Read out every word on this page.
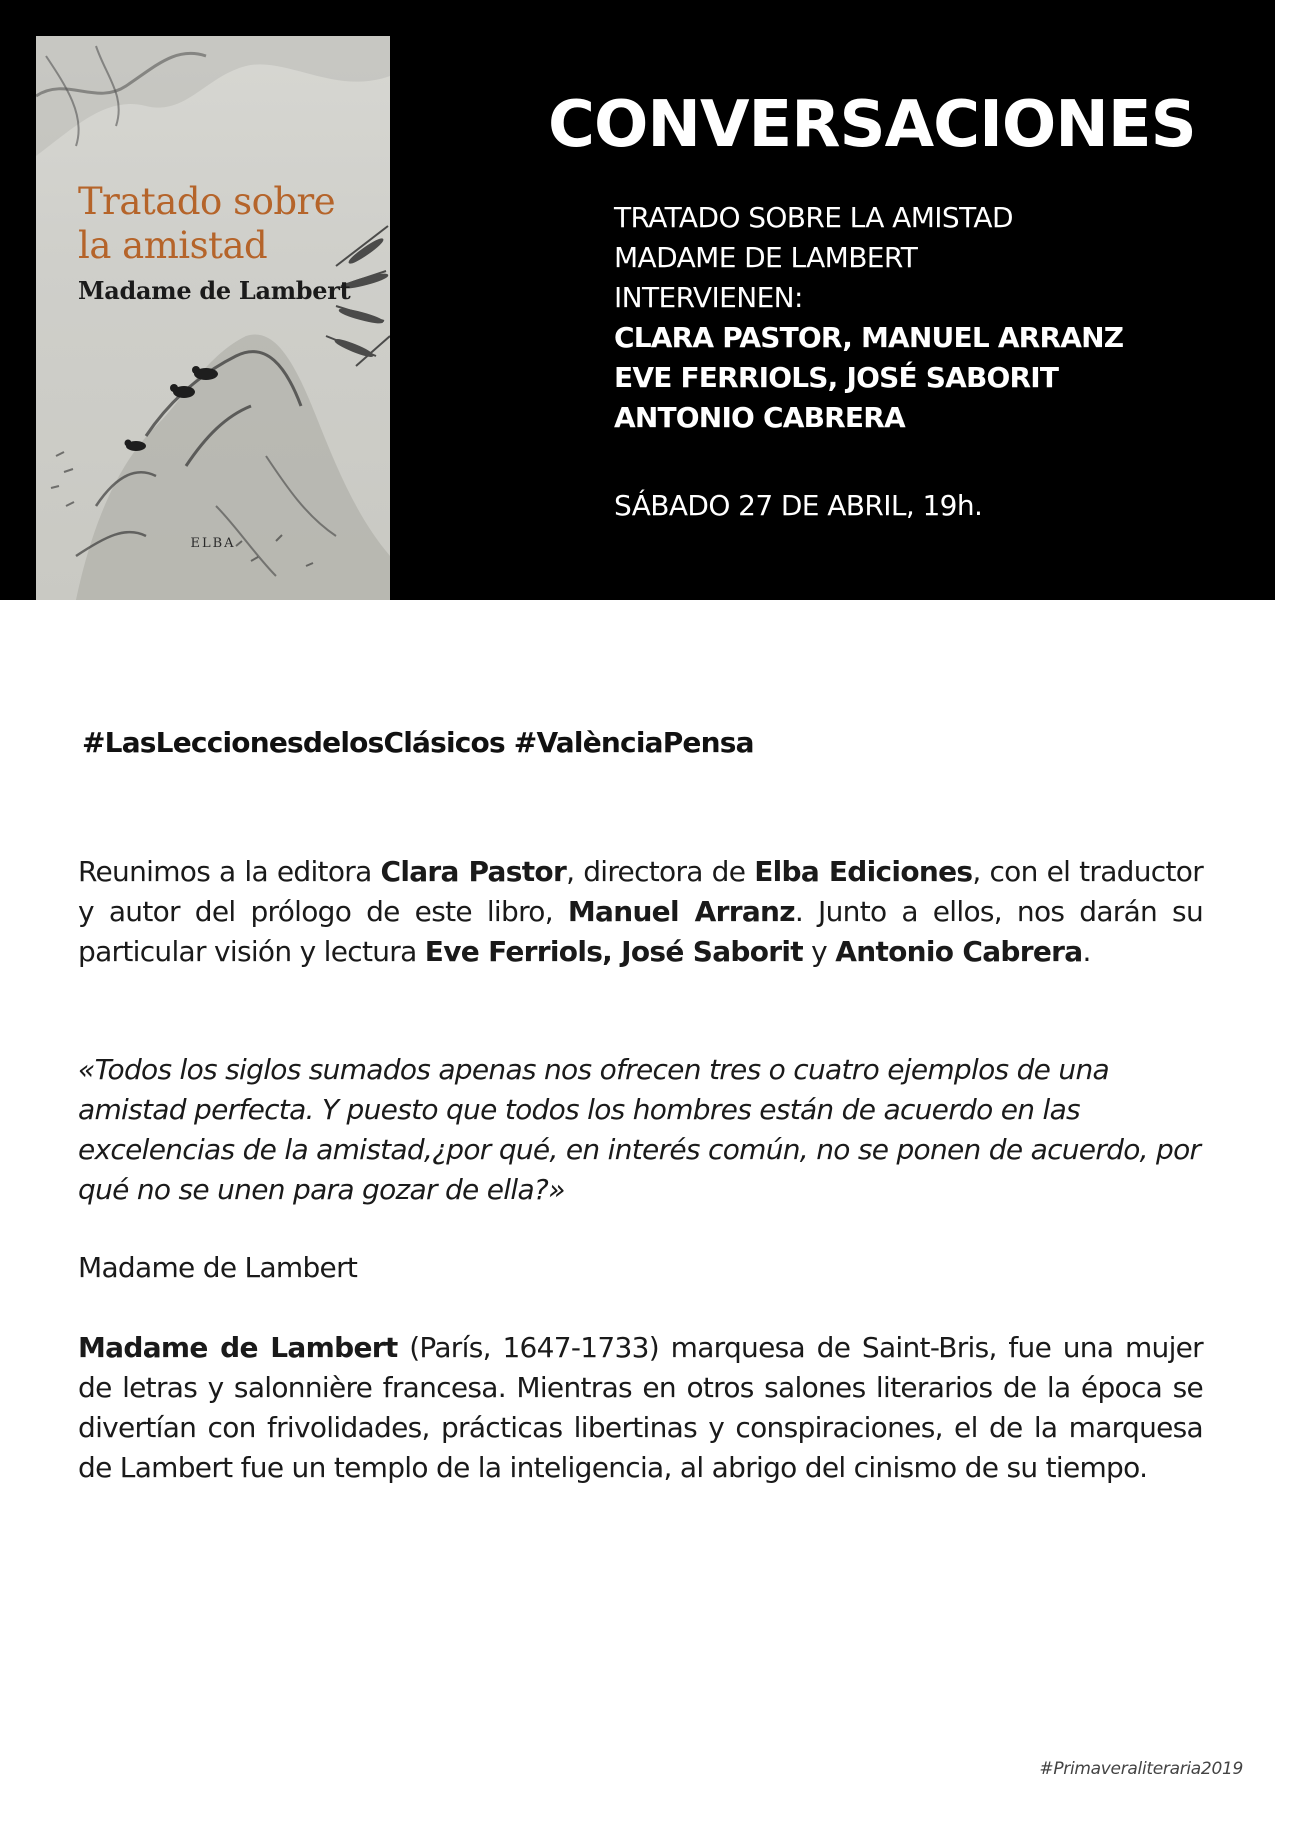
Tratado sobre
la amistad
Madame de Lambert
ELBA
CONVERSACIONES
TRATADO SOBRE LA AMISTAD
MADAME DE LAMBERT
INTERVIENEN:
CLARA PASTOR, MANUEL ARRANZ
EVE FERRIOLS, JOSÉ SABORIT
ANTONIO CABRERA
SÁBADO 27 DE ABRIL, 19h.
#LasLeccionesdelosClásicos #ValènciaPensa

Reunimos a la editora Clara Pastor, directora de Elba Ediciones, con el traductor y autor del prólogo de este libro, Manuel Arranz. Junto a ellos, nos darán su particular visión y lectura Eve Ferriols, José Saborit y Antonio Cabrera.

«Todos los siglos sumados apenas nos ofrecen tres o cuatro ejemplos de una amistad perfecta. Y puesto que todos los hombres están de acuerdo en las excelencias de la amistad,¿por qué, en interés común, no se ponen de acuerdo, por qué no se unen para gozar de ella?»

Madame de Lambert

Madame de Lambert (París, 1647-1733) marquesa de Saint-Bris, fue una mujer de letras y salonnière francesa. Mientras en otros salones literarios de la época se divertían con frivolidades, prácticas libertinas y conspiraciones, el de la marquesa de Lambert fue un templo de la inteligencia, al abrigo del cinismo de su tiempo.

#Primaveraliteraria2019
